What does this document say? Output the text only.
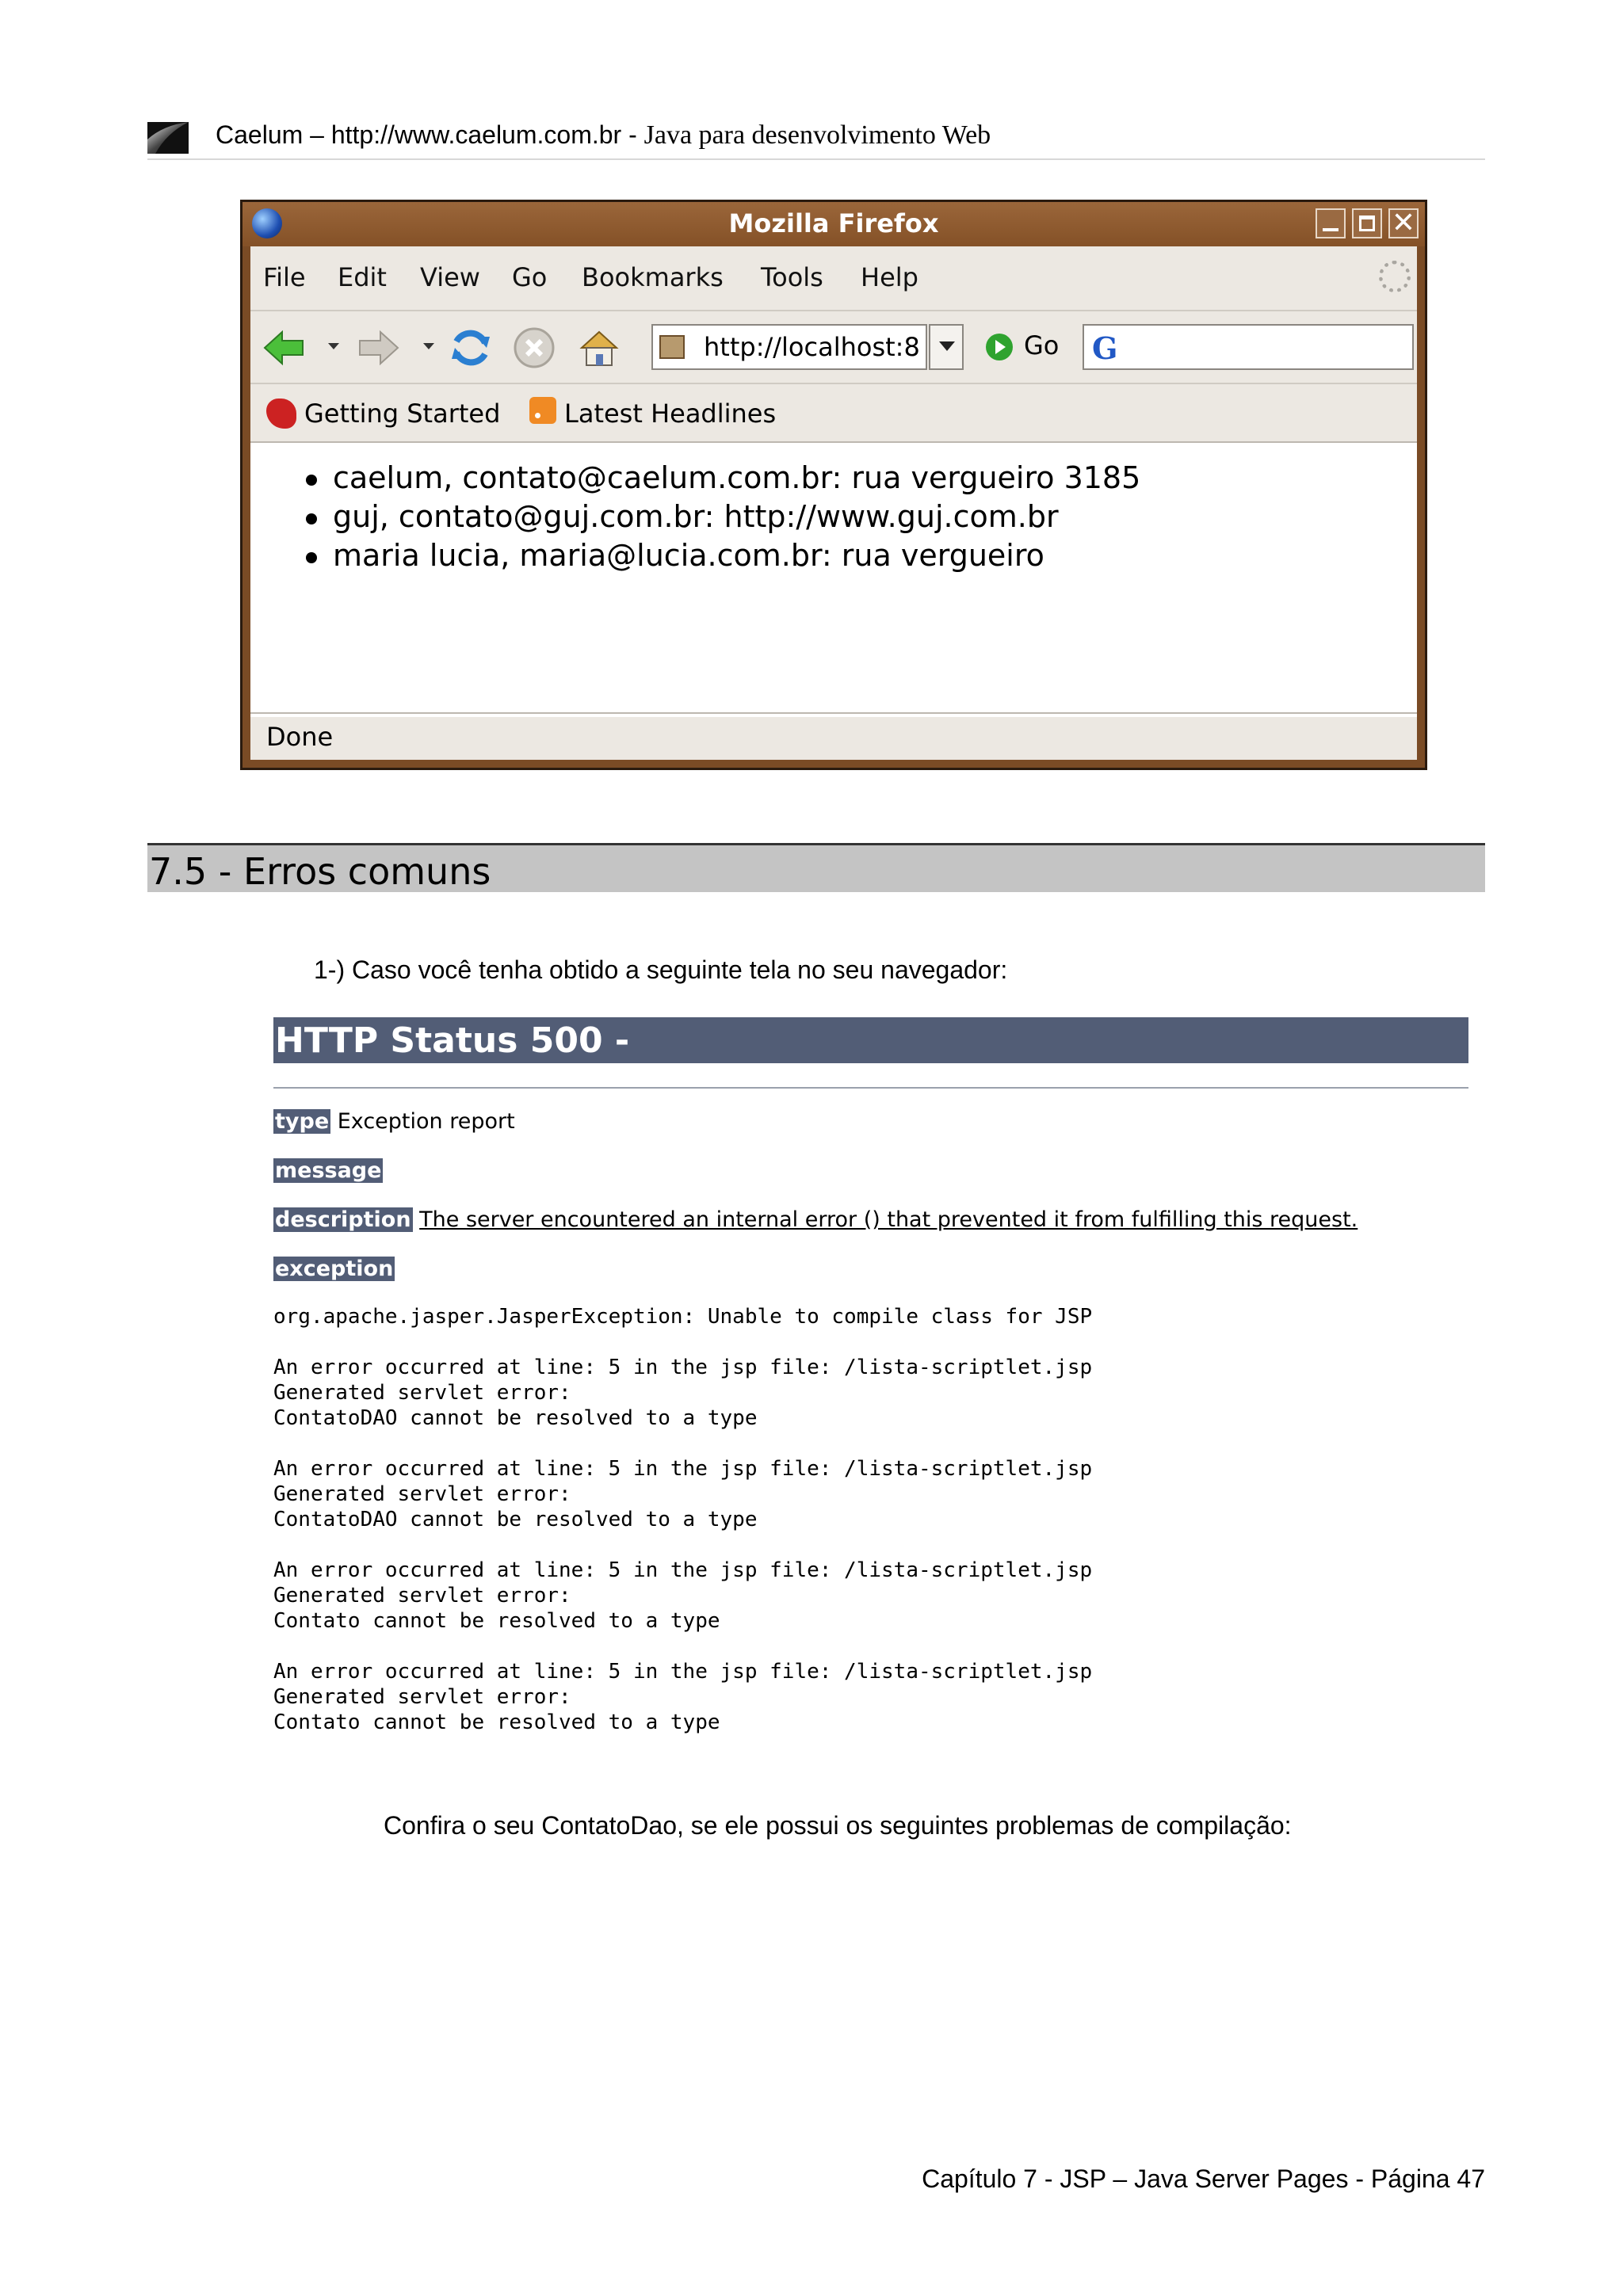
Caelum – http://www.caelum.com.br - Java para desenvolvimento Web
Mozilla Firefox	✕
File Edit View Go Bookmarks Tools Help
http://localhost:8	Go G
Getting Started	Latest Headlines
caelum, contato@caelum.com.br: rua vergueiro 3185
guj, contato@guj.com.br: http://www.guj.com.br
maria lucia, maria@lucia.com.br: rua vergueiro
Done
7.5 - Erros comuns
1-) Caso você tenha obtido a seguinte tela no seu navegador:
HTTP Status 500 -
type Exception report
message
description The server encountered an internal error () that prevented it from fulfilling this request.
exception
org.apache.jasper.JasperException: Unable to compile class for JSP

An error occurred at line: 5 in the jsp file: /lista-scriptlet.jsp
Generated servlet error:
ContatoDAO cannot be resolved to a type

An error occurred at line: 5 in the jsp file: /lista-scriptlet.jsp
Generated servlet error:
ContatoDAO cannot be resolved to a type

An error occurred at line: 5 in the jsp file: /lista-scriptlet.jsp
Generated servlet error:
Contato cannot be resolved to a type

An error occurred at line: 5 in the jsp file: /lista-scriptlet.jsp
Generated servlet error:
Contato cannot be resolved to a type
Confira o seu ContatoDao, se ele possui os seguintes problemas de compilação:
Capítulo 7 - JSP – Java Server Pages - Página 47
